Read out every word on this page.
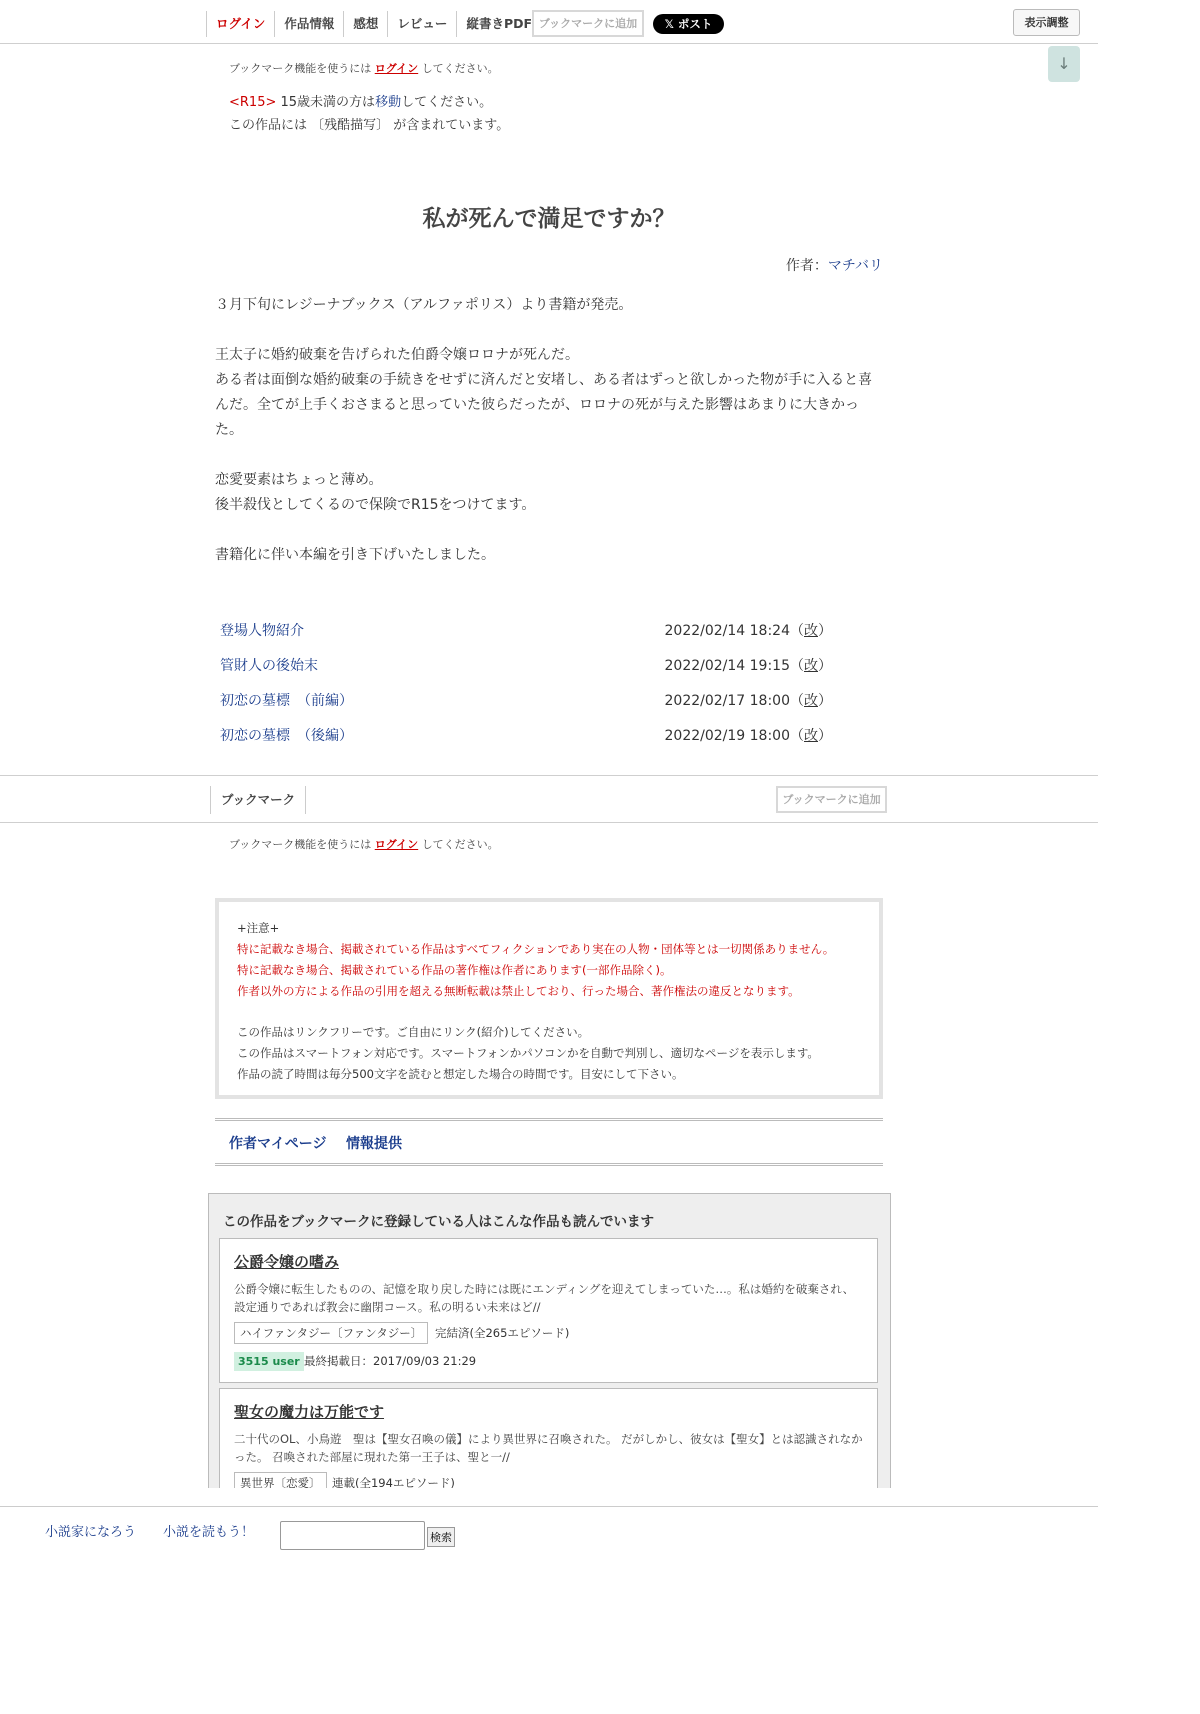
ログイン	作品情報	感想	レビュー	縦書きPDF ブックマークに追加	𝕏 ポスト	表示調整
↓
ブックマーク機能を使うには ログイン してください。
<R15> 15歳未満の方は移動してください。
この作品には 〔残酷描写〕 が含まれています。
私が死んで満足ですか？
作者：マチバリ

３月下旬にレジーナブックス（アルファポリス）より書籍が発売。

王太子に婚約破棄を告げられた伯爵令嬢ロロナが死んだ。

ある者は面倒な婚約破棄の手続きをせずに済んだと安堵し、ある者はずっと欲しかった物が手に入ると喜んだ。全てが上手くおさまると思っていた彼らだったが、ロロナの死が与えた影響はあまりに大きかった。

恋愛要素はちょっと薄め。

後半殺伐としてくるので保険でR15をつけてます。

書籍化に伴い本編を引き下げいたしました。

登場人物紹介	2022/02/14 18:24（改）
管財人の後始末	2022/02/14 19:15（改）
初恋の墓標　（前編）	2022/02/17 18:00（改）
初恋の墓標　（後編）	2022/02/19 18:00（改）
ブックマーク	ブックマークに追加
ブックマーク機能を使うには ログイン してください。
+注意+
特に記載なき場合、掲載されている作品はすべてフィクションであり実在の人物・団体等とは一切関係ありません。
特に記載なき場合、掲載されている作品の著作権は作者にあります(一部作品除く)。
作者以外の方による作品の引用を超える無断転載は禁止しており、行った場合、著作権法の違反となります。
この作品はリンクフリーです。ご自由にリンク(紹介)してください。
この作品はスマートフォン対応です。スマートフォンかパソコンかを自動で判別し、適切なページを表示します。
作品の読了時間は毎分500文字を読むと想定した場合の時間です。目安にして下さい。
作者マイページ 情報提供
この作品をブックマークに登録している人はこんな作品も読んでいます
公爵令嬢の嗜み
公爵令嬢に転生したものの、記憶を取り戻した時には既にエンディングを迎えてしまっていた…。私は婚約を破棄され、設定通りであれば教会に幽閉コース。私の明るい未来はど//
ハイファンタジー〔ファンタジー〕	完結済(全265エピソード)
3515 user 最終掲載日：2017/09/03 21:29
聖女の魔力は万能です
二十代のOL、小鳥遊　聖は【聖女召喚の儀】により異世界に召喚された。 だがしかし、彼女は【聖女】とは認識されなかった。 召喚された部屋に現れた第一王子は、聖と一//
異世界〔恋愛〕	連載(全194エピソード)
小説家になろう 小説を読もう！	検索
